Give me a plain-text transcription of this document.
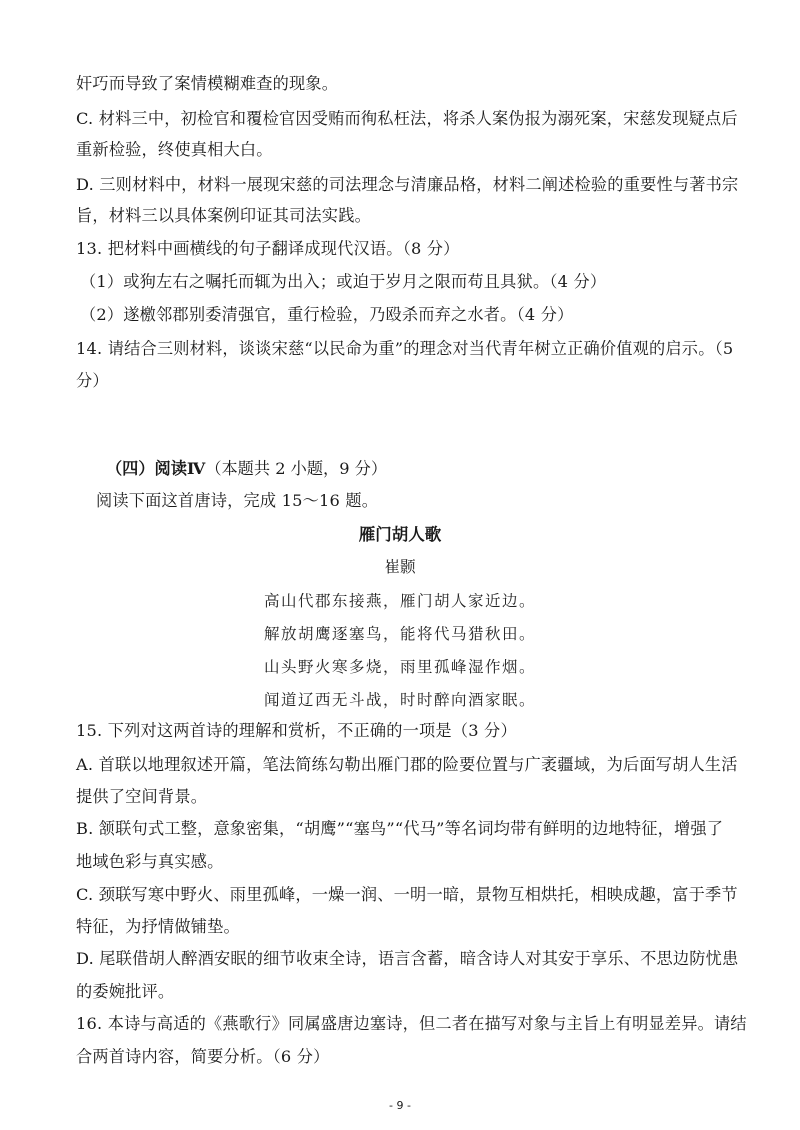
奸巧而导致了案情模糊难查的现象。
C. 材料三中，初检官和覆检官因受贿而徇私枉法，将杀人案伪报为溺死案，宋慈发现疑点后
重新检验，终使真相大白。
D. 三则材料中，材料一展现宋慈的司法理念与清廉品格，材料二阐述检验的重要性与著书宗
旨，材料三以具体案例印证其司法实践。
13. 把材料中画横线的句子翻译成现代汉语。（8 分）
（1）或狗左右之嘱托而辄为出入；或迫于岁月之限而苟且具狱。（4 分）
（2）遂檄邻郡别委清强官，重行检验，乃殴杀而弃之水者。（4 分）
14. 请结合三则材料，谈谈宋慈“以民命为重”的理念对当代青年树立正确价值观的启示。（5
分）
（四）阅读Ⅳ（本题共 2 小题，9 分）
阅读下面这首唐诗，完成 15～16 题。
雁门胡人歌
崔颢
高山代郡东接燕，雁门胡人家近边。
解放胡鹰逐塞鸟，能将代马猎秋田。
山头野火寒多烧，雨里孤峰湿作烟。
闻道辽西无斗战，时时醉向酒家眠。
15. 下列对这两首诗的理解和赏析，不正确的一项是（3 分）
A. 首联以地理叙述开篇，笔法简练勾勒出雁门郡的险要位置与广袤疆域，为后面写胡人生活
提供了空间背景。
B. 颔联句式工整，意象密集，“胡鹰”“塞鸟”“代马”等名词均带有鲜明的边地特征，增强了
地域色彩与真实感。
C. 颈联写寒中野火、雨里孤峰，一燥一润、一明一暗，景物互相烘托，相映成趣，富于季节
特征，为抒情做铺垫。
D. 尾联借胡人醉酒安眠的细节收束全诗，语言含蓄，暗含诗人对其安于享乐、不思边防忧患
的委婉批评。
16. 本诗与高适的《燕歌行》同属盛唐边塞诗，但二者在描写对象与主旨上有明显差异。请结
合两首诗内容，简要分析。（6 分）
- 9 -
